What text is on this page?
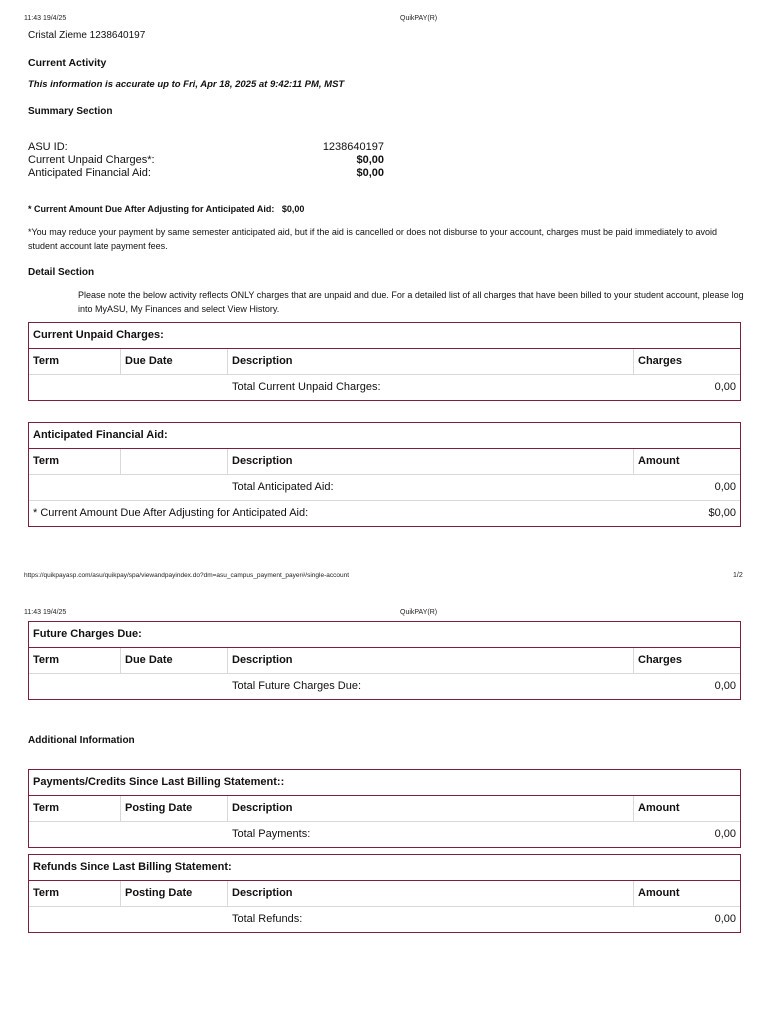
11:43 19/4/25	QuikPAY(R)
Cristal Zieme 1238640197
Current Activity
This information is accurate up to Fri, Apr 18, 2025 at 9:42:11 PM, MST
Summary Section
ASU ID:	1238640197
Current Unpaid Charges*:	$0,00
Anticipated Financial Aid:	$0,00
* Current Amount Due After Adjusting for Anticipated Aid:   $0,00
*You may reduce your payment by same semester anticipated aid, but if the aid is cancelled or does not disburse to your account, charges must be paid immediately to avoid student account late payment fees.
Detail Section
Please note the below activity reflects ONLY charges that are unpaid and due. For a detailed list of all charges that have been billed to your student account, please log into MyASU, My Finances and select View History.
Current Unpaid Charges:
Term	Due Date	Description	Charges
Total Current Unpaid Charges:	0,00
Anticipated Financial Aid:
Term	Description	Amount
Total Anticipated Aid:	0,00
* Current Amount Due After Adjusting for Anticipated Aid:	$0,00
https://quikpayasp.com/asu/quikpay/spa/viewandpayindex.do?dm=asu_campus_payment_payer#/single-account	1/2
11:43 19/4/25	QuikPAY(R)
Future Charges Due:
Term	Due Date	Description	Charges
Total Future Charges Due:	0,00
Additional Information
Payments/Credits Since Last Billing Statement::
Term	Posting Date	Description	Amount
Total Payments:	0,00
Refunds Since Last Billing Statement:
Term	Posting Date	Description	Amount
Total Refunds:	0,00
